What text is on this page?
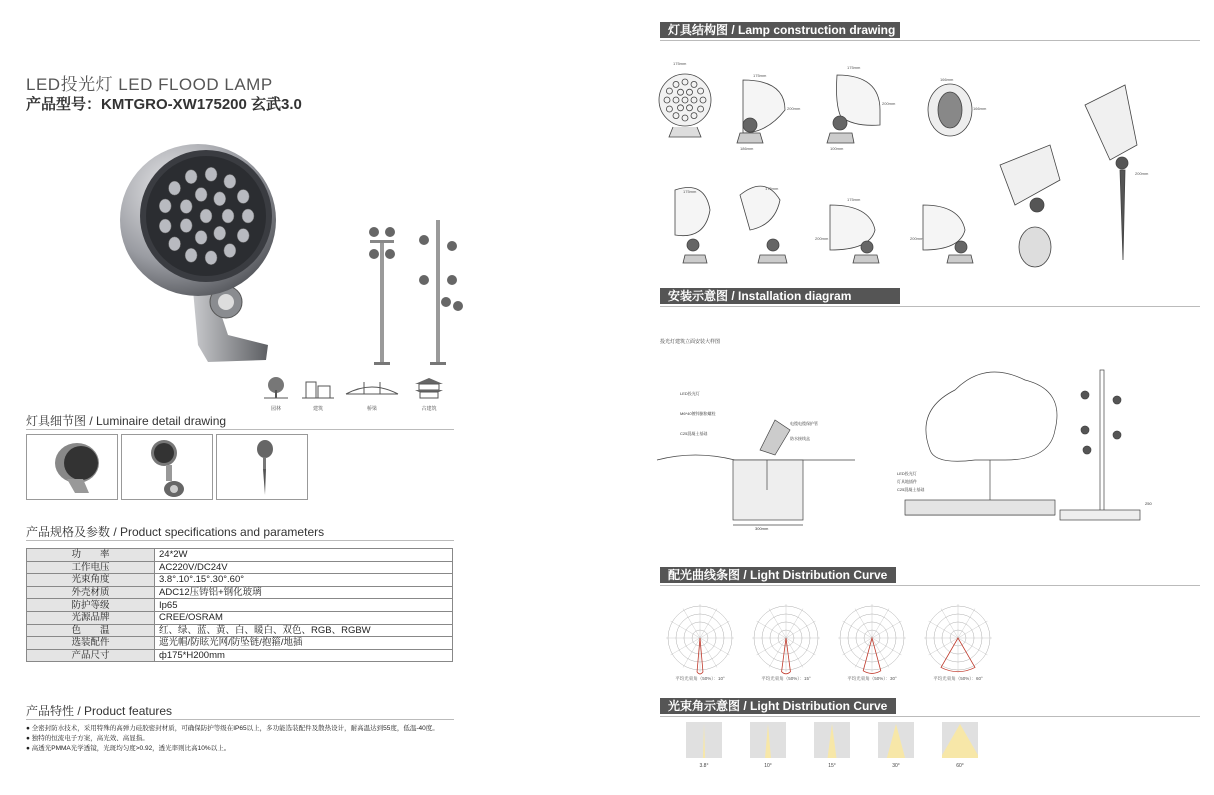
LED投光灯 LED FLOOD LAMP
产品型号：KMTGRO-XW175200 玄武3.0
园林	建筑	桥梁	古建筑
灯具细节图 / Luminaire detail drawing
产品规格及参数 / Product specifications and parameters
功　　率	24*2W
工作电压	AC220V/DC24V
光束角度	3.8°.10°.15°.30°.60°
外壳材质	ADC12压铸铝+钢化玻璃
防护等级	Ip65
光源品牌	CREE/OSRAM
色　　温	红、绿、蓝、黄、白、暖白、双色、RGB、RGBW
选装配件	遮光帽/防眩光网/防坠链/抱箍/地插
产品尺寸	ф175*H200mm
产品特性 / Product features
● 全密封防水技术，采用特殊的高弹力硅胶密封材质，可确保防护等级在IP65以上，多功能选装配件及散热设计，耐高温达到55度，低温-40度。
● 独特的恒流电子方案，高光效、高显指。
● 高透光PMMA光学透镜，光斑均匀度>0.92，透光率则比高10%以上。
灯具结构图 / Lamp construction drawing
175mm
175mm
200mm
175mm
200mm
166mm
166mm
186mm	100mm
175mm
175mm
200mm
175mm
200mm
200mm
安装示意图 / Installation diagram
投光灯建筑立面安装大样图
LED投光灯
M6*40镀锌膨胀螺栓
C25混凝土基础
电缆电缆保护管
防水接线盒
250
300mm
LED投光灯
灯具地插件
C25混凝土基础
配光曲线条图 / Light Distribution Curve
平均光束角（50%）：10°	平均光束角（50%）：15°	平均光束角（50%）：30°	平均光束角（50%）：60°
光束角示意图 / Light Distribution Curve
3.8°	10°	15°	30°	60°
